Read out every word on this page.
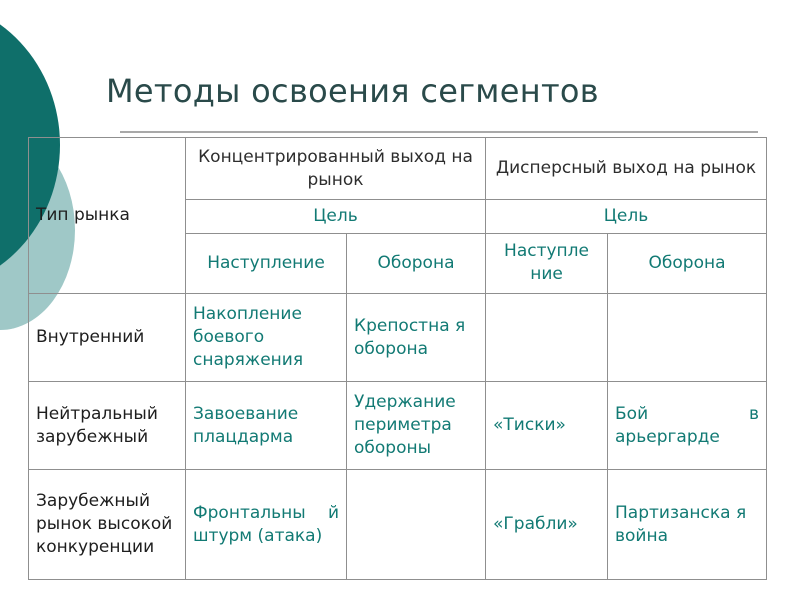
Методы освоения сегментов
Тип рынка	Концентрированный выход на рынок		Дисперсный выход на рынок	
	Цель		Цель	
	Наступление	Оборона	Наступле ние	Оборона
Внутренний	Накопление боевого снаряжения	Крепостна я оборона		
Нейтральный зарубежный	Завоевание плацдарма	Удержание периметра обороны	«Тиски»	Бой в арьергарде
Зарубежный рынок высокой конкуренции	Фронтальны й штурм (атака)		«Грабли»	Партизанска я война
